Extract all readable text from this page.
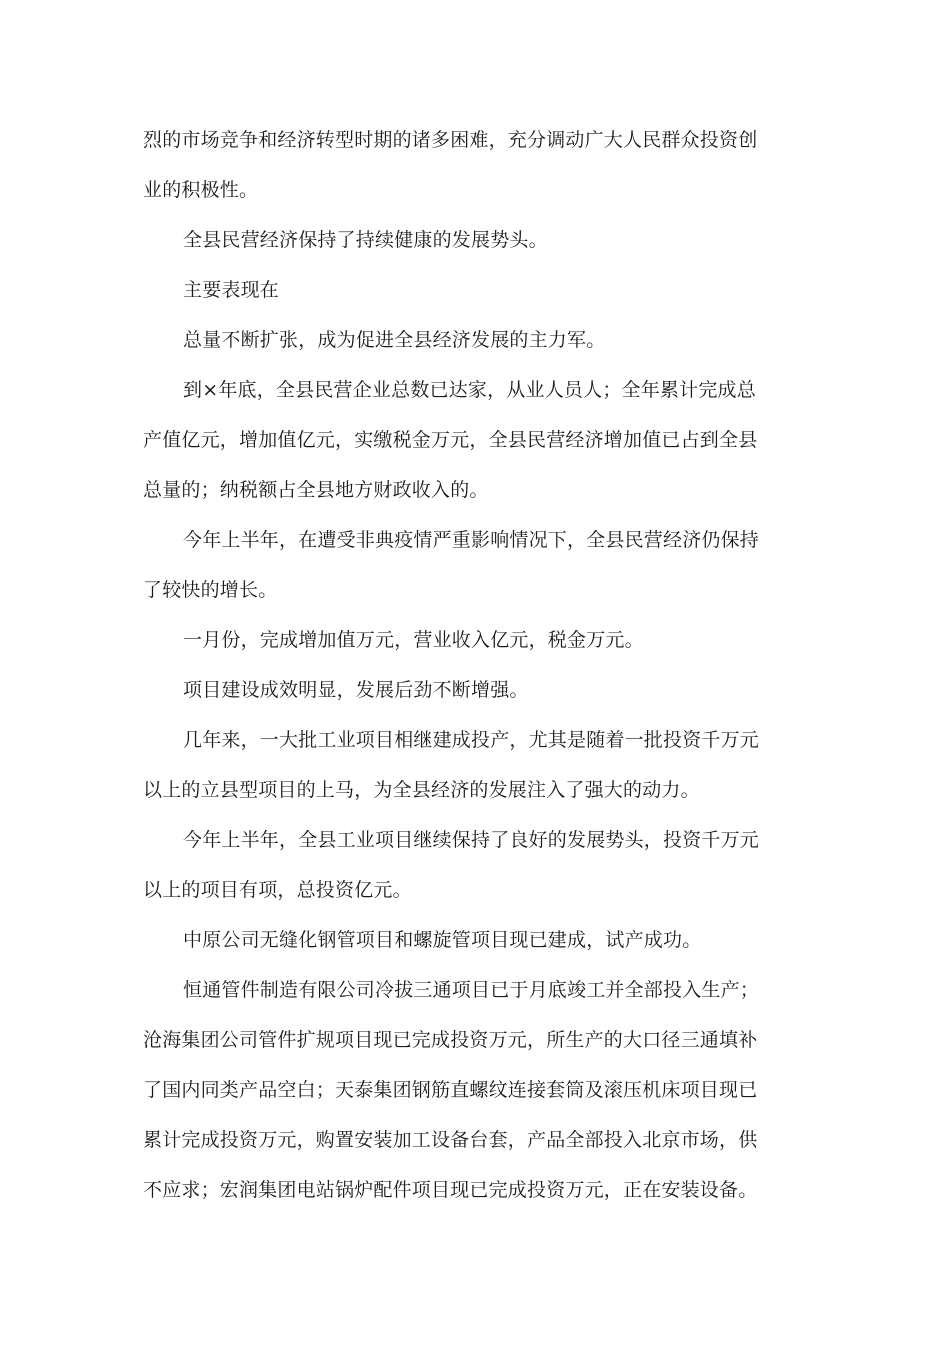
烈的市场竞争和经济转型时期的诸多困难，充分调动广大人民群众投资创业的积极性。

全县民营经济保持了持续健康的发展势头。

主要表现在

总量不断扩张，成为促进全县经济发展的主力军。

到×年底，全县民营企业总数已达家，从业人员人；全年累计完成总产值亿元，增加值亿元，实缴税金万元，全县民营经济增加值已占到全县总量的；纳税额占全县地方财政收入的。

今年上半年，在遭受非典疫情严重影响情况下，全县民营经济仍保持了较快的增长。

一月份，完成增加值万元，营业收入亿元，税金万元。

项目建设成效明显，发展后劲不断增强。

几年来，一大批工业项目相继建成投产，尤其是随着一批投资千万元以上的立县型项目的上马，为全县经济的发展注入了强大的动力。

今年上半年，全县工业项目继续保持了良好的发展势头，投资千万元以上的项目有项，总投资亿元。

中原公司无缝化钢管项目和螺旋管项目现已建成，试产成功。

恒通管件制造有限公司冷拔三通项目已于月底竣工并全部投入生产；沧海集团公司管件扩规项目现已完成投资万元，所生产的大口径三通填补了国内同类产品空白；天泰集团钢筋直螺纹连接套筒及滚压机床项目现已累计完成投资万元，购置安装加工设备台套，产品全部投入北京市场，供不应求；宏润集团电站锅炉配件项目现已完成投资万元，正在安装设备。
